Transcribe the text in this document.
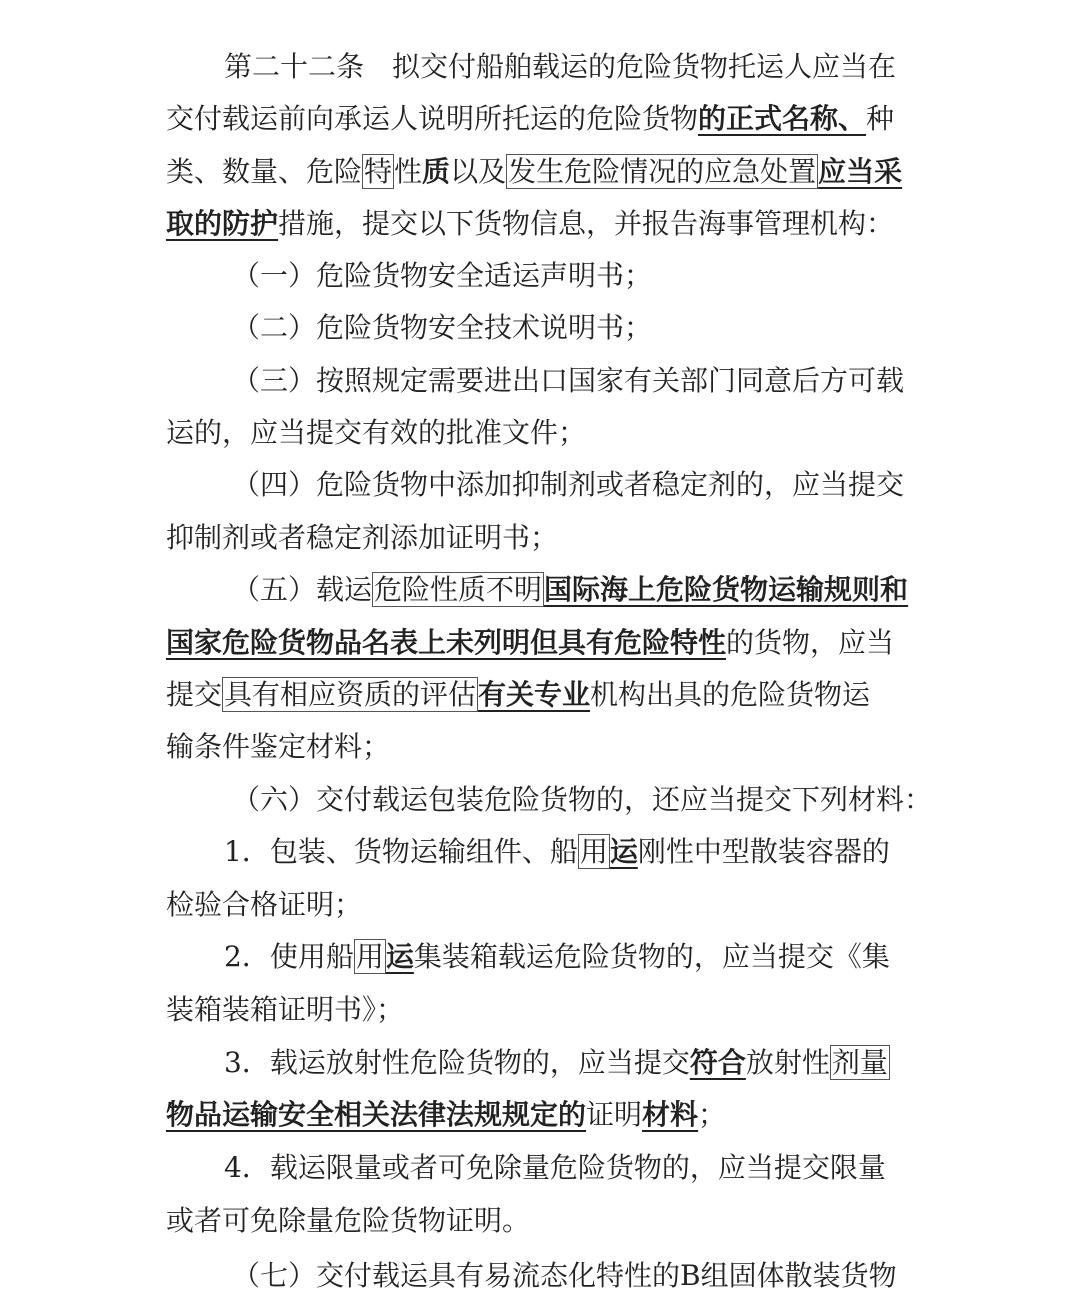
第二十二条　拟交付船舶载运的危险货物托运人应当在
交付载运前向承运人说明所托运的危险货物的正式名称、种
类、数量、危险特性质以及发生危险情况的应急处置应当采
取的防护措施，提交以下货物信息，并报告海事管理机构：
（一）危险货物安全适运声明书；
（二）危险货物安全技术说明书；
（三）按照规定需要进出口国家有关部门同意后方可载
运的，应当提交有效的批准文件；
（四）危险货物中添加抑制剂或者稳定剂的，应当提交
抑制剂或者稳定剂添加证明书；
（五）载运危险性质不明国际海上危险货物运输规则和
国家危险货物品名表上未列明但具有危险特性的货物，应当
提交具有相应资质的评估有关专业机构出具的危险货物运
输条件鉴定材料；
（六）交付载运包装危险货物的，还应当提交下列材料：
1．包装、货物运输组件、船用运刚性中型散装容器的
检验合格证明；
2．使用船用运集装箱载运危险货物的，应当提交《集
装箱装箱证明书》；
3．载运放射性危险货物的，应当提交符合放射性剂量
物品运输安全相关法律法规规定的证明材料；
4．载运限量或者可免除量危险货物的，应当提交限量
或者可免除量危险货物证明。
（七）交付载运具有易流态化特性的B组固体散装货物
